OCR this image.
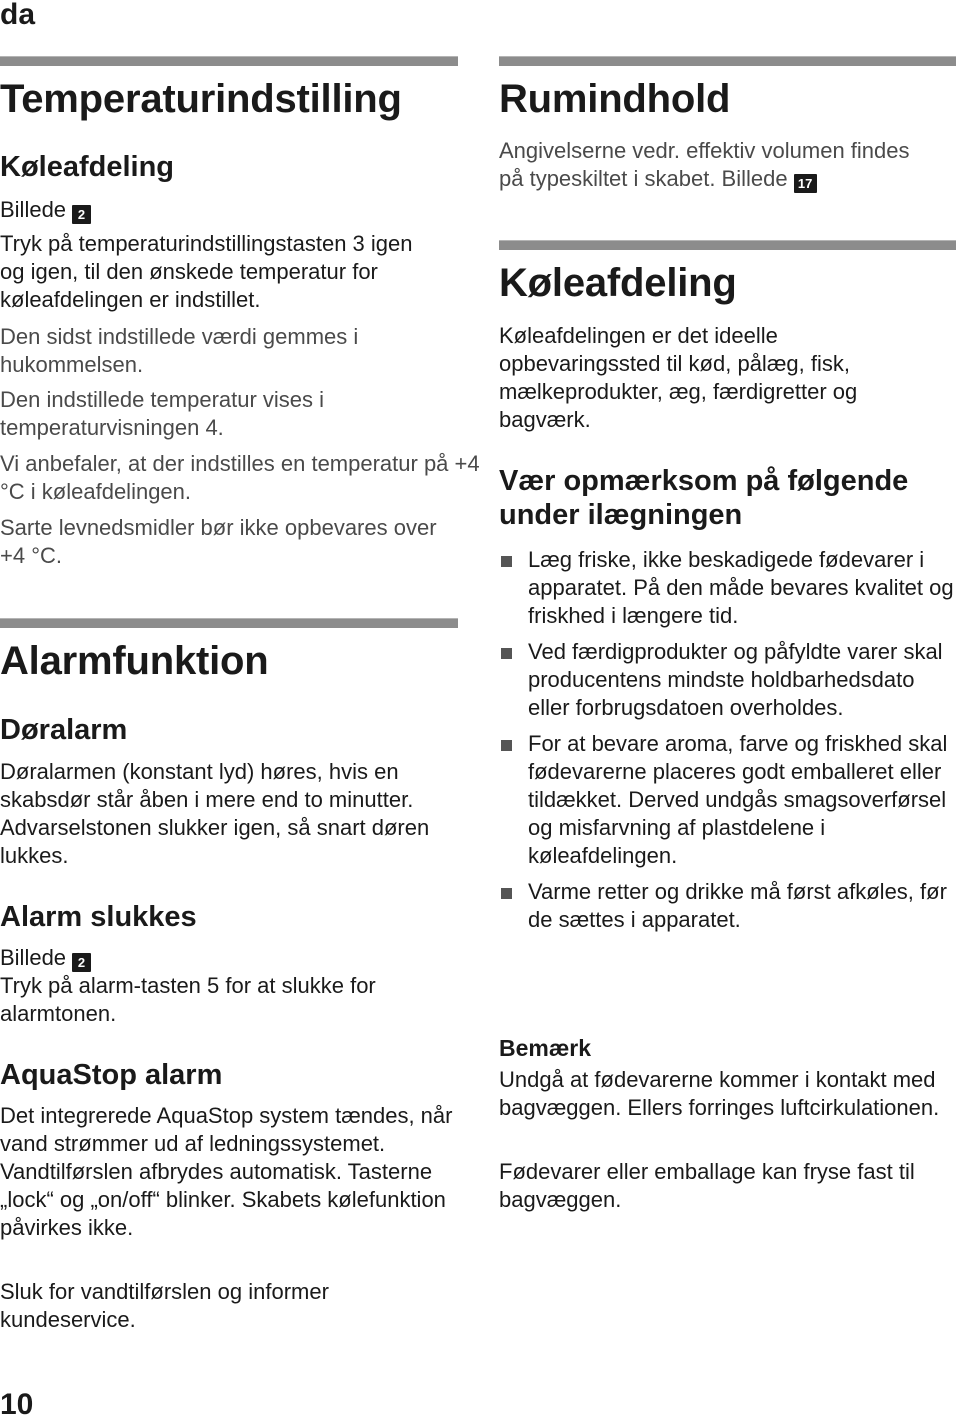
da
Temperaturindstilling
Køleafdeling

Billede 2

Tryk på temperaturindstillingstasten 3 igen og igen, til den ønskede temperatur for køleafdelingen er indstillet.

Den sidst indstillede værdi gemmes i hukommelsen.

Den indstillede temperatur vises i temperaturvisningen 4.

Vi anbefaler, at der indstilles en temperatur på +4 °C i køleafdelingen.

Sarte levnedsmidler bør ikke opbevares over +4 °C.

Alarmfunktion
Døralarm

Døralarmen (konstant lyd) høres, hvis en skabsdør står åben i mere end to minutter. Advarselstonen slukker igen, så snart døren lukkes.

Alarm slukkes

Billede 2

Tryk på alarm-tasten 5 for at slukke for alarmtonen.

AquaStop alarm

Det integrerede AquaStop system tændes, når vand strømmer ud af ledningssystemet. Vandtilførslen afbrydes automatisk. Tasterne „lock“ og „on/off“ blinker. Skabets kølefunktion påvirkes ikke.

Sluk for vandtilførslen og informer kundeservice.

Rumindhold

Angivelserne vedr. effektiv volumen findes på typeskiltet i skabet. Billede 17

Køleafdeling

Køleafdelingen er det ideelle opbevaringssted til kød, pålæg, fisk, mælkeprodukter, æg, færdigretter og bagværk.

Vær opmærksom på følgende under ilægningen
Læg friske, ikke beskadigede fødevarer i apparatet. På den måde bevares kvalitet og friskhed i længere tid.
Ved færdigprodukter og påfyldte varer skal producentens mindste holdbarhedsdato eller forbrugsdatoen overholdes.
For at bevare aroma, farve og friskhed skal fødevarerne placeres godt emballeret eller tildækket. Derved undgås smagsoverførsel og misfarvning af plastdelene i køleafdelingen.
Varme retter og drikke må først afkøles, før de sættes i apparatet.
Bemærk

Undgå at fødevarerne kommer i kontakt med bagvæggen. Ellers forringes luftcirkulationen.

Fødevarer eller emballage kan fryse fast til bagvæggen.

10
